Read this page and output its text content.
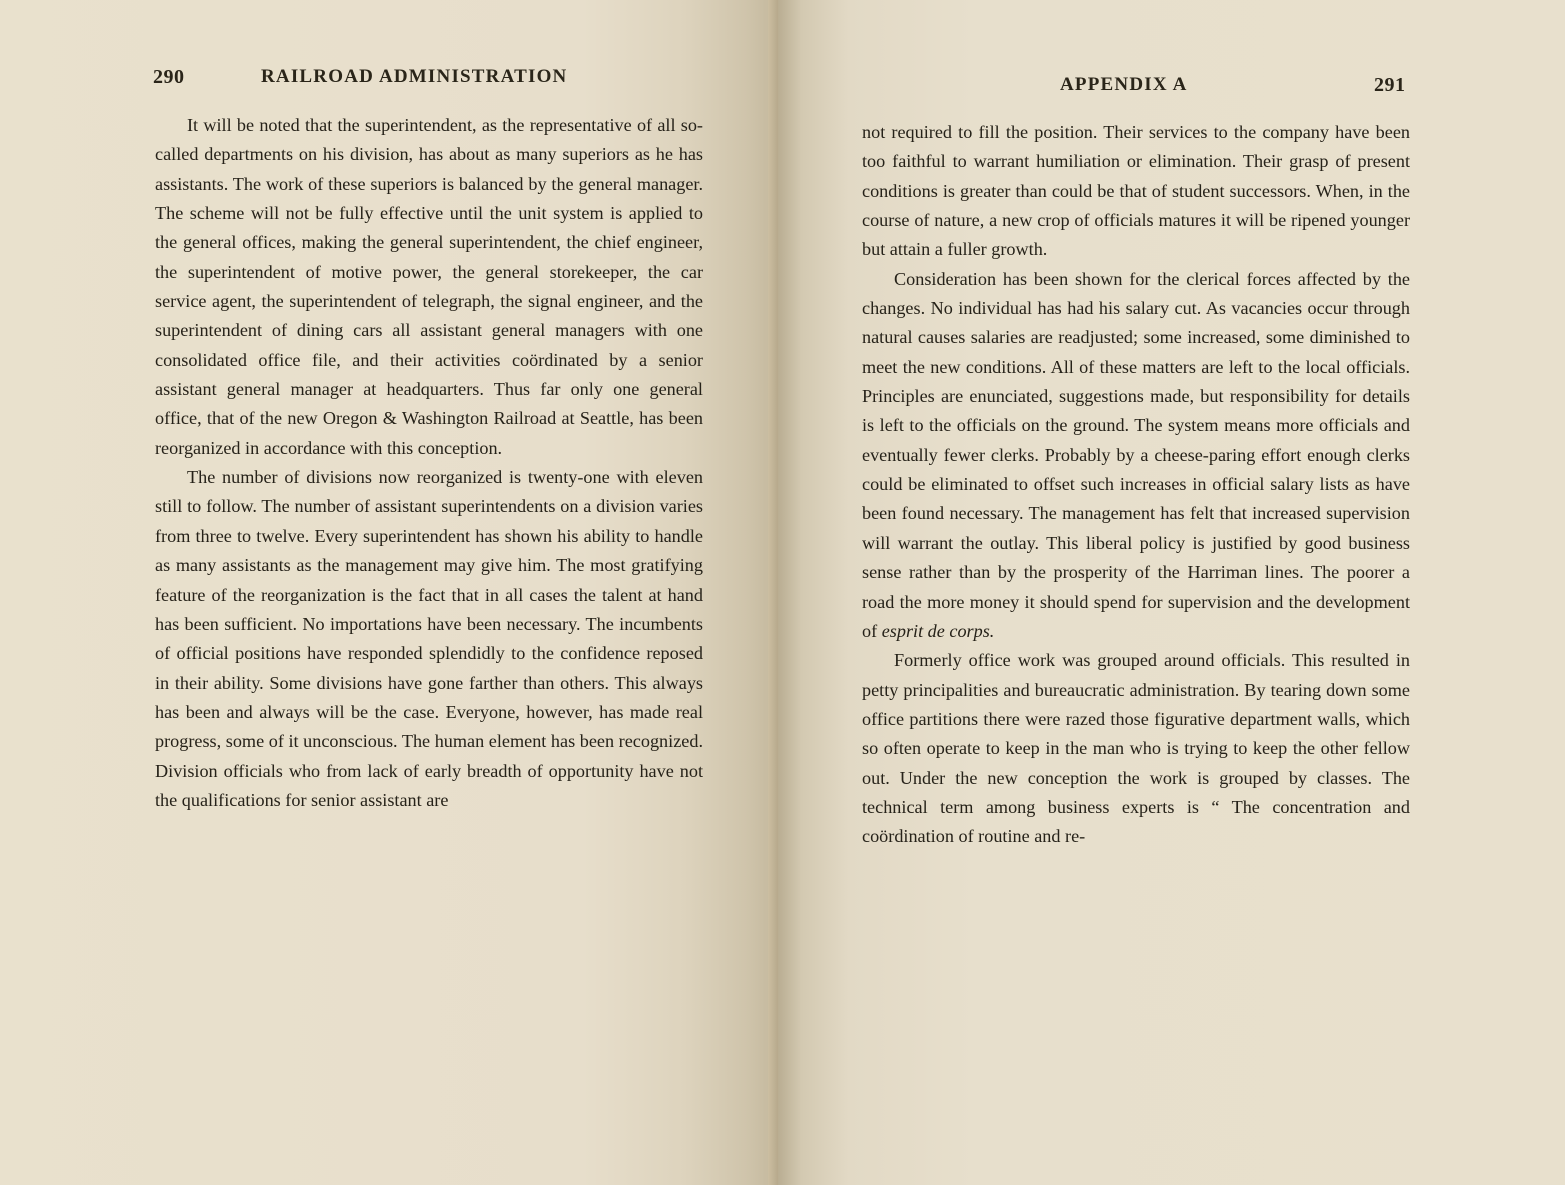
290	RAILROAD ADMINISTRATION

It will be noted that the superintendent, as the representative of all so-called departments on his division, has about as many superiors as he has assistants. The work of these superiors is balanced by the general manager. The scheme will not be fully effective until the unit system is applied to the general offices, making the general superintendent, the chief engineer, the superintendent of motive power, the general storekeeper, the car service agent, the superintendent of telegraph, the signal engineer, and the superintendent of dining cars all assistant general managers with one consolidated office file, and their activities coördinated by a senior assistant general manager at headquarters. Thus far only one general office, that of the new Oregon & Washington Railroad at Seattle, has been reorganized in accordance with this conception.

The number of divisions now reorganized is twenty-one with eleven still to follow. The number of assistant superintendents on a division varies from three to twelve. Every superintendent has shown his ability to handle as many assistants as the management may give him. The most gratifying feature of the reorganization is the fact that in all cases the talent at hand has been sufficient. No importations have been necessary. The incumbents of official positions have responded splendidly to the confidence reposed in their ability. Some divisions have gone farther than others. This always has been and always will be the case. Everyone, however, has made real progress, some of it unconscious. The human element has been recognized. Division officials who from lack of early breadth of opportunity have not the qualifications for senior assistant are

APPENDIX A	291

not required to fill the position. Their services to the company have been too faithful to warrant humiliation or elimination. Their grasp of present conditions is greater than could be that of student successors. When, in the course of nature, a new crop of officials matures it will be ripened younger but attain a fuller growth.

Consideration has been shown for the clerical forces affected by the changes. No individual has had his salary cut. As vacancies occur through natural causes salaries are readjusted; some increased, some diminished to meet the new conditions. All of these matters are left to the local officials. Principles are enunciated, suggestions made, but responsibility for details is left to the officials on the ground. The system means more officials and eventually fewer clerks. Probably by a cheese-paring effort enough clerks could be eliminated to offset such increases in official salary lists as have been found necessary. The management has felt that increased supervision will warrant the outlay. This liberal policy is justified by good business sense rather than by the prosperity of the Harriman lines. The poorer a road the more money it should spend for supervision and the development of esprit de corps.

Formerly office work was grouped around officials. This resulted in petty principalities and bureaucratic administration. By tearing down some office partitions there were razed those figurative department walls, which so often operate to keep in the man who is trying to keep the other fellow out. Under the new conception the work is grouped by classes. The technical term among business experts is “ The concentration and coördination of routine and re-
